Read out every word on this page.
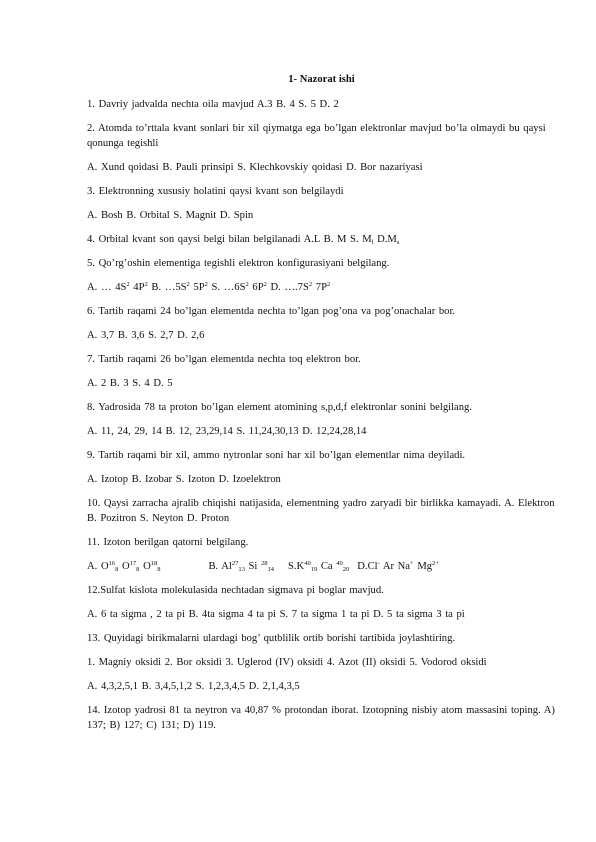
1- Nazorat ishi

1. Davriy jadvalda nechta oila mavjud A.3 B. 4 S. 5 D. 2

2. Atomda to’rttala kvant sonlari bir xil qiymatga ega bo’lgan elektronlar mavjud bo’la olmaydi bu qaysi qonunga tegishli

A. Xund qoidasi B. Pauli prinsipi S. Klechkovskiy qoidasi D. Bor nazariyasi

3. Elektronning xususiy holatini qaysi kvant son belgilaydi

A. Bosh B. Orbital S. Magnit D. Spin

4. Orbital kvant son qaysi belgi bilan belgilanadi A.L B. M S. $M_l$ $D.M_s$

5. Qo’rg’oshin elementiga tegishli elektron konfigurasiyani belgilang.

A. … $4S^2$ $4P^2$ B. $\dots 5S^2$ $5P^2$ S. $\dots 6S^2$ $6P^2$ D. $\dots.7S^2$ $7P^2$

6. Tartib raqami 24 bo’lgan elementda nechta to’lgan pog’ona va pog’onachalar bor.

A. 3,7 B. 3,6 S. 2,7 D. 2,6

7. Tartib raqami 26 bo’lgan elementda nechta toq elektron bor.

A. 2 B. 3 S. 4 D. 5

8. Yadrosida 78 ta proton bo’lgan element atomining s,p,d,f elektronlar sonini belgilang.

A. 11, 24, 29, 14 B. 12, 23,29,14 S. 11,24,30,13 D. 12,24,28,14

9. Tartib raqami bir xil, ammo nytronlar soni har xil bo’lgan elementlar nima deyiladi.

A. Izotop B. Izobar S. Izoton D. Izoelektron

10. Qaysi zarracha ajralib chiqishi natijasida, elementning yadro zaryadi bir birlikka kamayadi. A. Elektron B. Pozitron S. Neyton D. Proton

11. Izoton berilgan qatorni belgilang.

A. $O^{16}_8$ $O^{17}_8$ $O^{18}_8$	B. $Al^{27}_{13}$ Si $^{28}_{14}$ $S.K^{40}_{19}$ Ca $^{40}_{20}$ D.Cl- Ar Na+ $Mg^{2+}$

12.Sulfat kislota molekulasida nechtadan sigmava pi boglar mavjud.

A. 6 ta sigma , 2 ta pi B. 4ta sigma 4 ta pi S. 7 ta sigma 1 ta pi D. 5 ta sigma 3 ta pi

13. Quyidagi birikmalarni ulardagi bog’ qutblilik ortib borishi tartibida joylashtiring.

1. Magniy oksidi 2. Bor oksidi 3. Uglerod (IV) oksidi 4. Azot (II) oksidi 5. Vodorod oksidi

A. 4,3,2,5,1 B. 3,4,5,1,2 S. 1,2,3,4,5 D. 2,1,4,3,5

14. Izotop yadrosi 81 ta neytron va 40,87 % protondan iborat. Izotopning nisbiy atom massasini toping. A) 137; B) 127; C) 131; D) 119.
